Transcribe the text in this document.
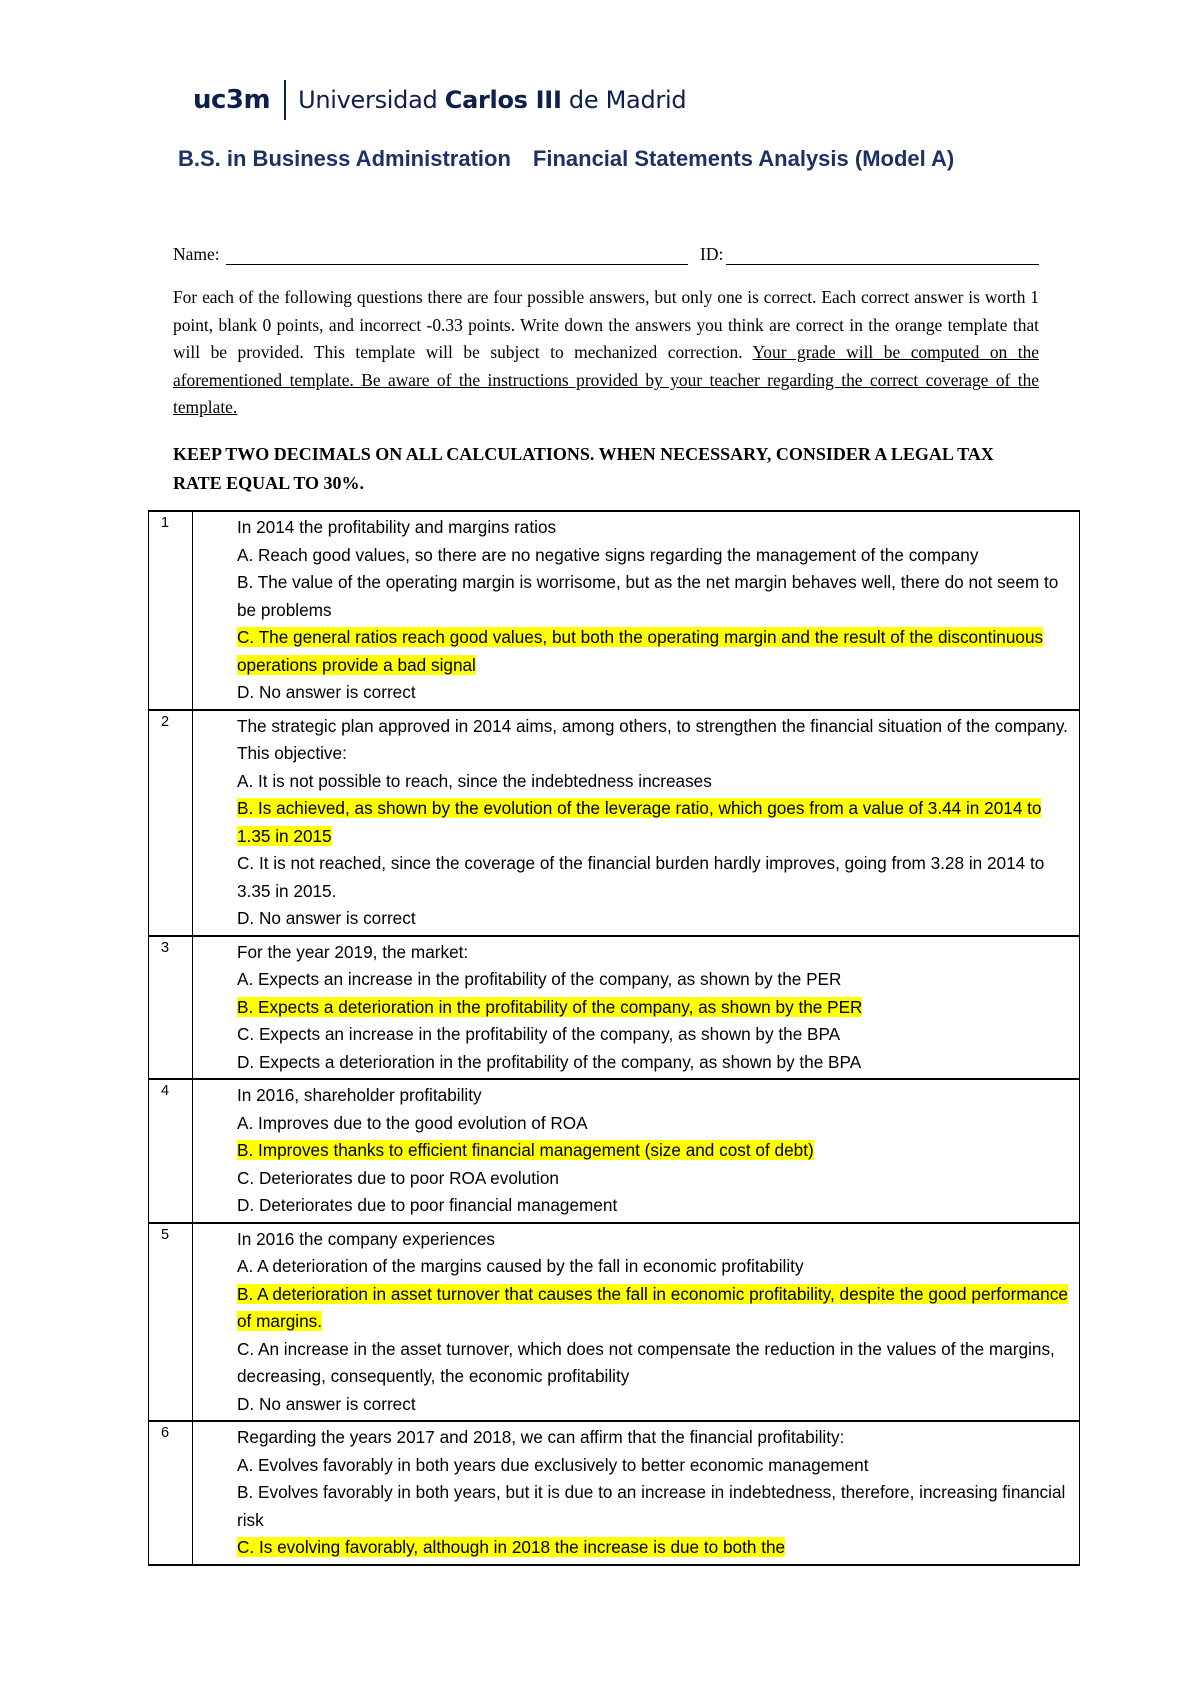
uc3m Universidad Carlos III de Madrid
B.S. in Business Administration Financial Statements Analysis (Model A)
Name:	ID:
For each of the following questions there are four possible answers, but only one is correct. Each correct answer is worth 1 point, blank 0 points, and incorrect -0.33 points. Write down the answers you think are correct in the orange template that will be provided. This template will be subject to mechanized correction. Your grade will be computed on the aforementioned template. Be aware of the instructions provided by your teacher regarding the correct coverage of the template.
KEEP TWO DECIMALS ON ALL CALCULATIONS. WHEN NECESSARY, CONSIDER A LEGAL TAX RATE EQUAL TO 30%.
1	In 2014 the profitability and margins ratios
A. Reach good values, so there are no negative signs regarding the management of the company
B. The value of the operating margin is worrisome, but as the net margin behaves well, there do not seem to be problems
C. The general ratios reach good values, but both the operating margin and the result of the discontinuous operations provide a bad signal
D. No answer is correct

2	The strategic plan approved in 2014 aims, among others, to strengthen the financial situation of the company. This objective:
A. It is not possible to reach, since the indebtedness increases
B. Is achieved, as shown by the evolution of the leverage ratio, which goes from a value of 3.44 in 2014 to 1.35 in 2015
C. It is not reached, since the coverage of the financial burden hardly improves, going from 3.28 in 2014 to 3.35 in 2015.
D. No answer is correct

3	For the year 2019, the market:
A. Expects an increase in the profitability of the company, as shown by the PER
B. Expects a deterioration in the profitability of the company, as shown by the PER
C. Expects an increase in the profitability of the company, as shown by the BPA
D. Expects a deterioration in the profitability of the company, as shown by the BPA

4	In 2016, shareholder profitability
A. Improves due to the good evolution of ROA
B. Improves thanks to efficient financial management (size and cost of debt)
C. Deteriorates due to poor ROA evolution
D. Deteriorates due to poor financial management

5	In 2016 the company experiences
A. A deterioration of the margins caused by the fall in economic profitability
B. A deterioration in asset turnover that causes the fall in economic profitability, despite the good performance of margins.
C. An increase in the asset turnover, which does not compensate the reduction in the values of the margins, decreasing, consequently, the economic profitability
D. No answer is correct

6	Regarding the years 2017 and 2018, we can affirm that the financial profitability:
A. Evolves favorably in both years due exclusively to better economic management
B. Evolves favorably in both years, but it is due to an increase in indebtedness, therefore, increasing financial risk
C. Is evolving favorably, although in 2018 the increase is due to both the
